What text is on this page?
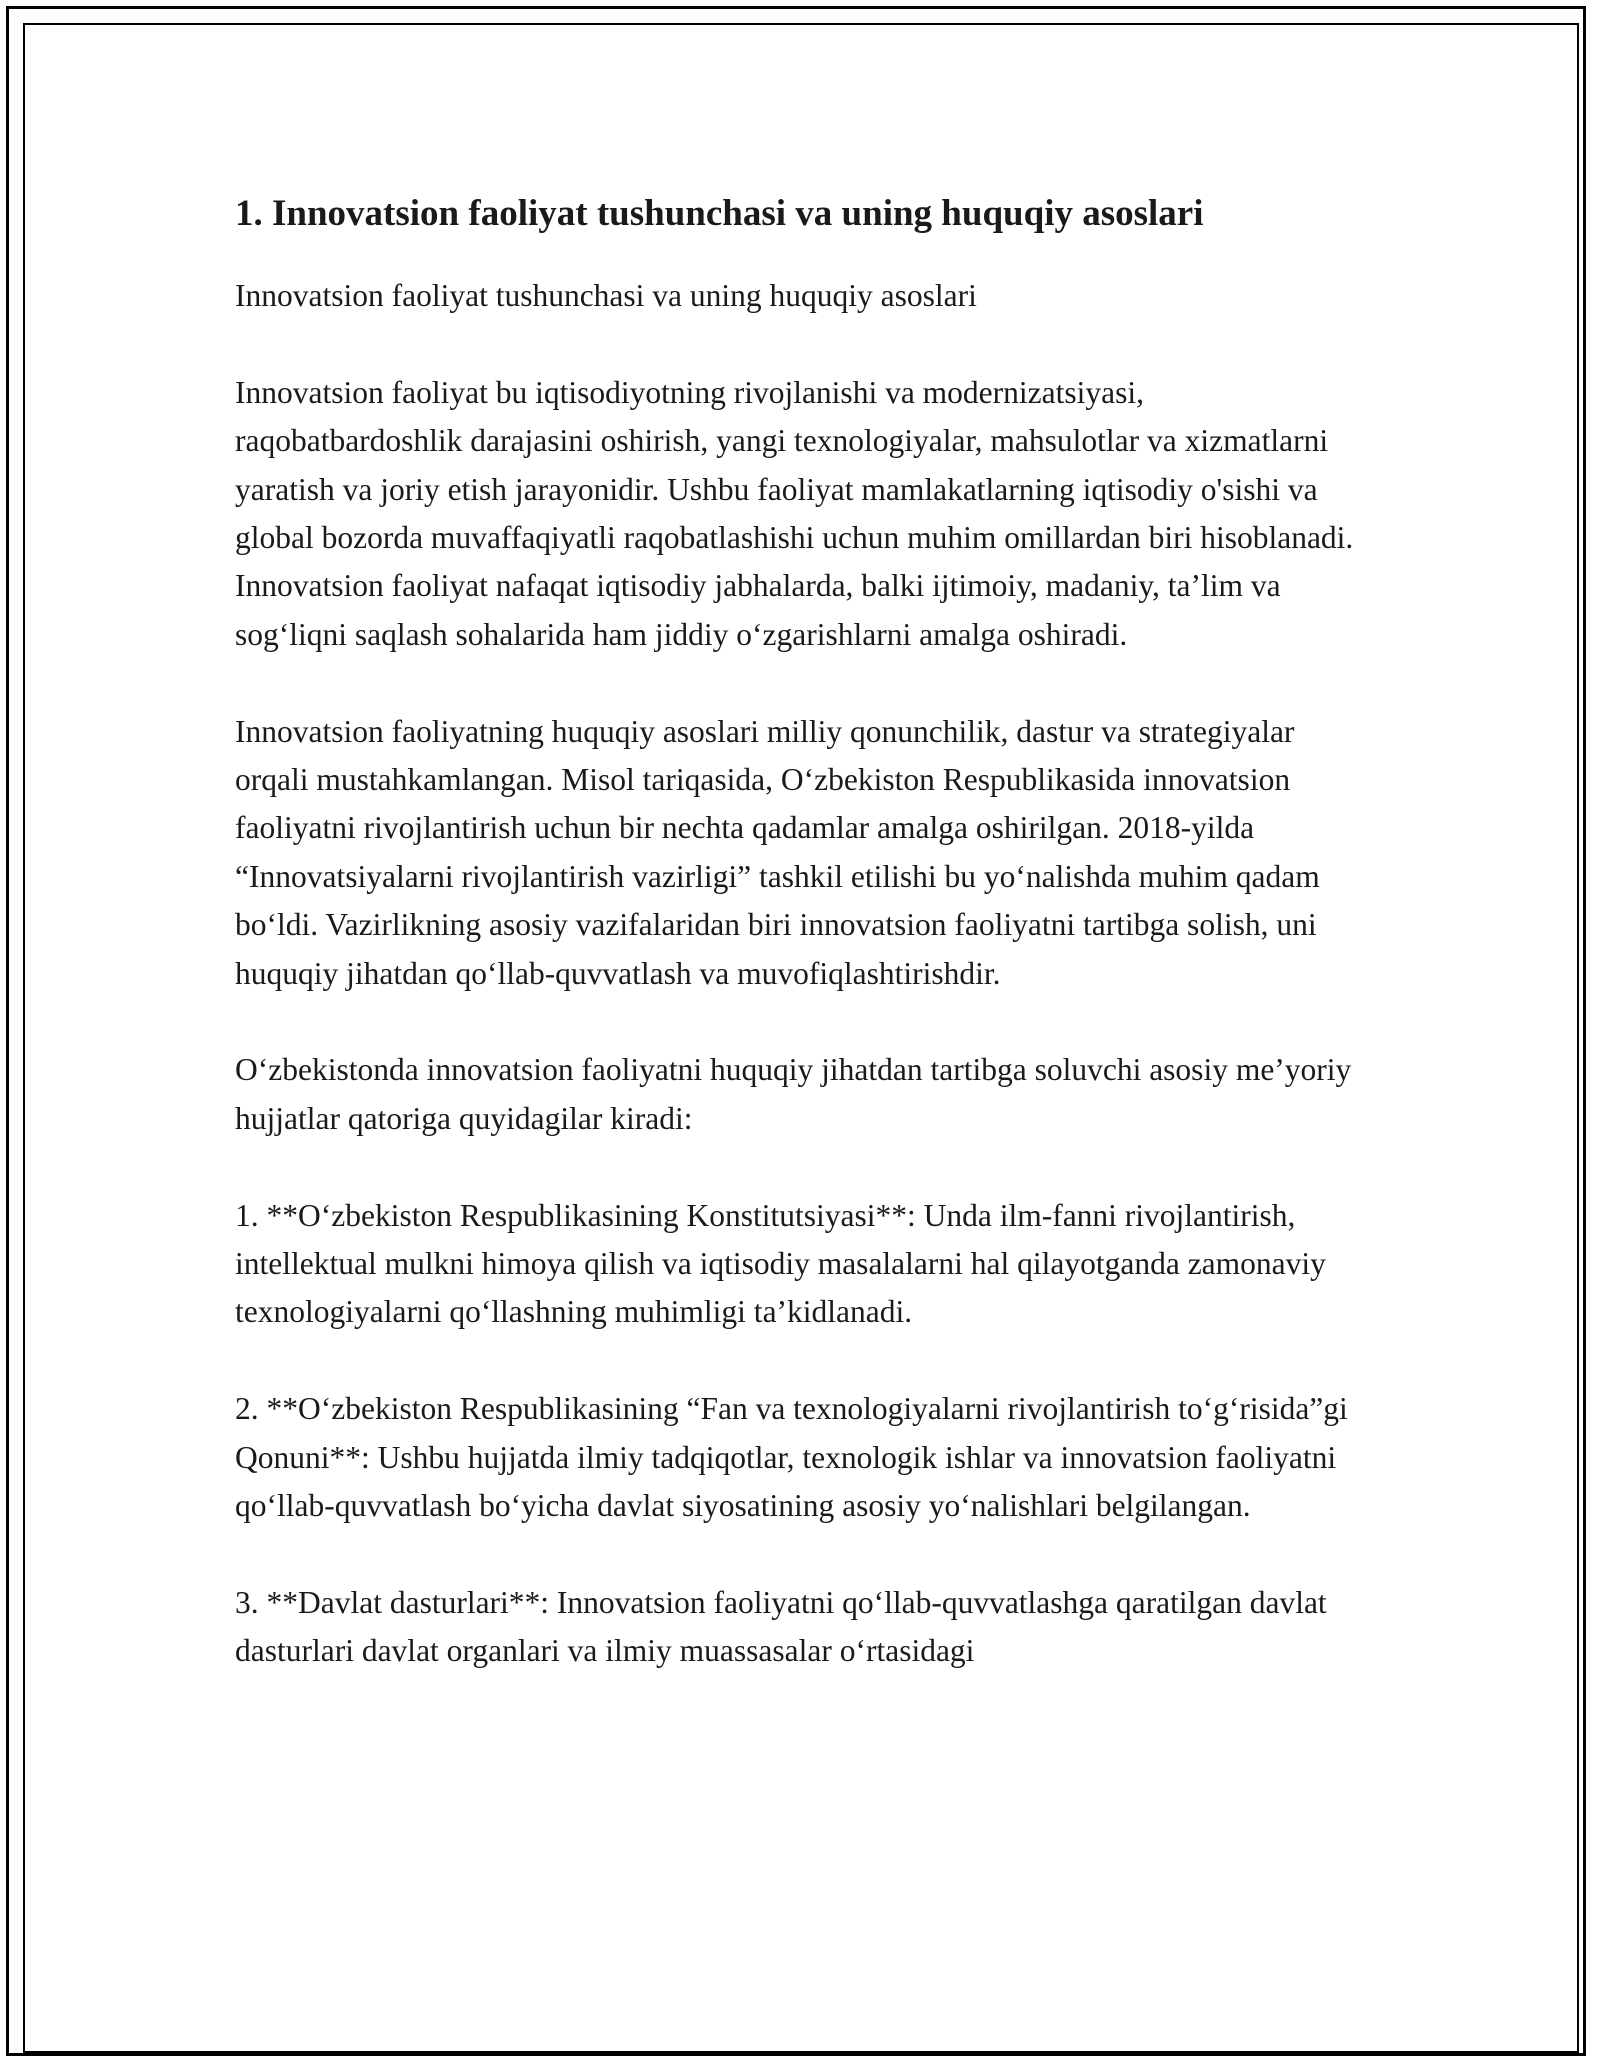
1. Innovatsion faoliyat tushunchasi va uning huquqiy asoslari

Innovatsion faoliyat tushunchasi va uning huquqiy asoslari

Innovatsion faoliyat bu iqtisodiyotning rivojlanishi va modernizatsiyasi, raqobatbardoshlik darajasini oshirish, yangi texnologiyalar, mahsulotlar va xizmatlarni yaratish va joriy etish jarayonidir. Ushbu faoliyat mamlakatlarning iqtisodiy o'sishi va global bozorda muvaffaqiyatli raqobatlashishi uchun muhim omillardan biri hisoblanadi. Innovatsion faoliyat nafaqat iqtisodiy jabhalarda, balki ijtimoiy, madaniy, ta’lim va sog‘liqni saqlash sohalarida ham jiddiy o‘zgarishlarni amalga oshiradi.

Innovatsion faoliyatning huquqiy asoslari milliy qonunchilik, dastur va strategiyalar orqali mustahkamlangan. Misol tariqasida, O‘zbekiston Respublikasida innovatsion faoliyatni rivojlantirish uchun bir nechta qadamlar amalga oshirilgan. 2018-yilda “Innovatsiyalarni rivojlantirish vazirligi” tashkil etilishi bu yo‘nalishda muhim qadam bo‘ldi. Vazirlikning asosiy vazifalaridan biri innovatsion faoliyatni tartibga solish, uni huquqiy jihatdan qo‘llab-quvvatlash va muvofiqlashtirishdir.

O‘zbekistonda innovatsion faoliyatni huquqiy jihatdan tartibga soluvchi asosiy me’yoriy hujjatlar qatoriga quyidagilar kiradi:

1. **O‘zbekiston Respublikasining Konstitutsiyasi**: Unda ilm-fanni rivojlantirish, intellektual mulkni himoya qilish va iqtisodiy masalalarni hal qilayotganda zamonaviy texnologiyalarni qo‘llashning muhimligi ta’kidlanadi.

2. **O‘zbekiston Respublikasining “Fan va texnologiyalarni rivojlantirish to‘g‘risida”gi Qonuni**: Ushbu hujjatda ilmiy tadqiqotlar, texnologik ishlar va innovatsion faoliyatni qo‘llab-quvvatlash bo‘yicha davlat siyosatining asosiy yo‘nalishlari belgilangan.

3. **Davlat dasturlari**: Innovatsion faoliyatni qo‘llab-quvvatlashga qaratilgan davlat dasturlari davlat organlari va ilmiy muassasalar o‘rtasidagi
